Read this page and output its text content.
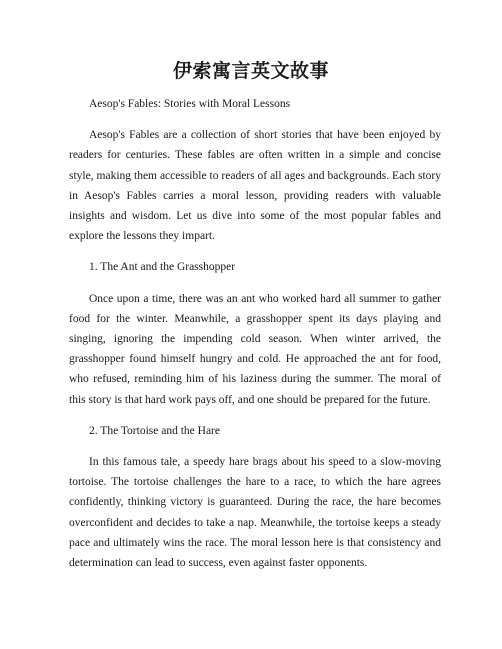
伊索寓言英文故事

Aesop's Fables: Stories with Moral Lessons

Aesop's Fables are a collection of short stories that have been enjoyed by readers for centuries. These fables are often written in a simple and concise style, making them accessible to readers of all ages and backgrounds. Each story in Aesop's Fables carries a moral lesson, providing readers with valuable insights and wisdom. Let us dive into some of the most popular fables and explore the lessons they impart.

1. The Ant and the Grasshopper

Once upon a time, there was an ant who worked hard all summer to gather food for the winter. Meanwhile, a grasshopper spent its days playing and singing, ignoring the impending cold season. When winter arrived, the grasshopper found himself hungry and cold. He approached the ant for food, who refused, reminding him of his laziness during the summer. The moral of this story is that hard work pays off, and one should be prepared for the future.

2. The Tortoise and the Hare

In this famous tale, a speedy hare brags about his speed to a slow-moving tortoise. The tortoise challenges the hare to a race, to which the hare agrees confidently, thinking victory is guaranteed. During the race, the hare becomes overconfident and decides to take a nap. Meanwhile, the tortoise keeps a steady pace and ultimately wins the race. The moral lesson here is that consistency and determination can lead to success, even against faster opponents.
